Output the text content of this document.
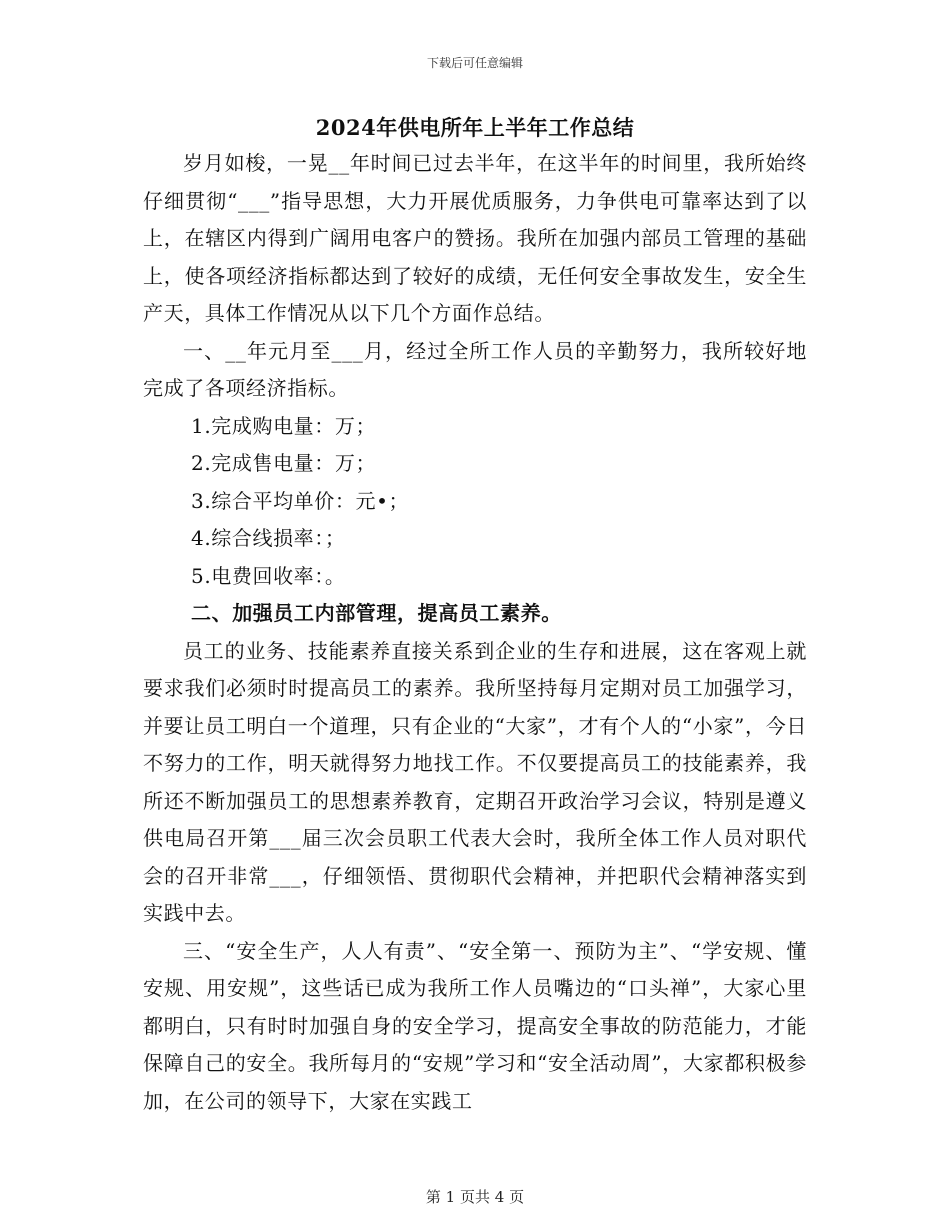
下载后可任意编辑
2024年供电所年上半年工作总结

岁月如梭，一晃__年时间已过去半年，在这半年的时间里，我所始终仔细贯彻“___”指导思想，大力开展优质服务，力争供电可靠率达到了以上，在辖区内得到广阔用电客户的赞扬。我所在加强内部员工管理的基础上，使各项经济指标都达到了较好的成绩，无任何安全事故发生，安全生产天，具体工作情况从以下几个方面作总结。

一、__年元月至___月，经过全所工作人员的辛勤努力，我所较好地完成了各项经济指标。

1.完成购电量：万；

2.完成售电量：万；

3.综合平均单价：元•；

4.综合线损率：；

5.电费回收率：。

二、加强员工内部管理，提高员工素养。

员工的业务、技能素养直接关系到企业的生存和进展，这在客观上就要求我们必须时时提高员工的素养。我所坚持每月定期对员工加强学习，并要让员工明白一个道理，只有企业的“大家”，才有个人的“小家”，今日不努力的工作，明天就得努力地找工作。不仅要提高员工的技能素养，我所还不断加强员工的思想素养教育，定期召开政治学习会议，特别是遵义供电局召开第___届三次会员职工代表大会时，我所全体工作人员对职代会的召开非常___，仔细领悟、贯彻职代会精神，并把职代会精神落实到实践中去。

三、“安全生产，人人有责”、“安全第一、预防为主”、“学安规、懂安规、用安规”，这些话已成为我所工作人员嘴边的“口头禅”，大家心里都明白，只有时时加强自身的安全学习，提高安全事故的防范能力，才能保障自己的安全。我所每月的“安规”学习和“安全活动周”，大家都积极参加，在公司的领导下，大家在实践工

第 1 页共 4 页
